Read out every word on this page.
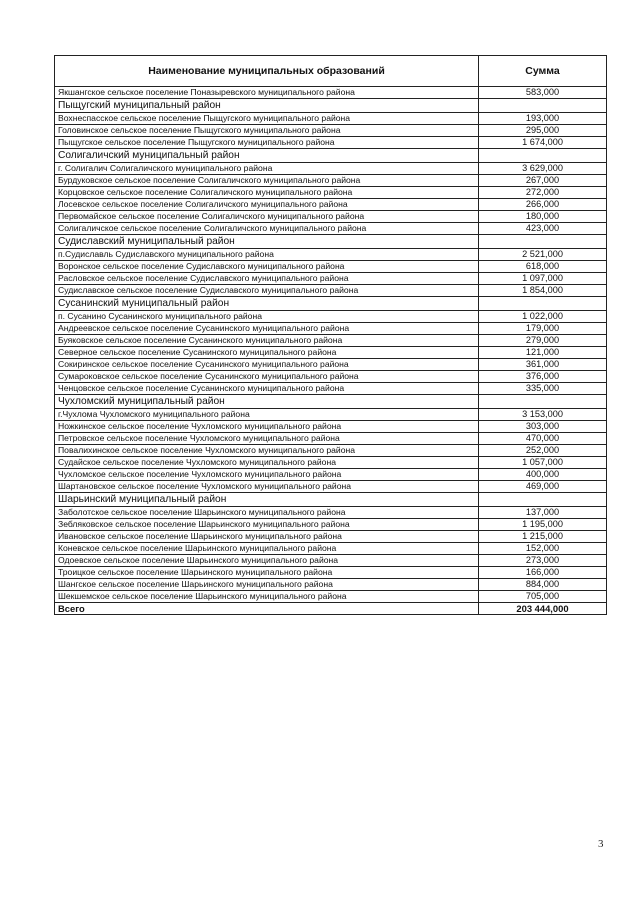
Наименование муниципальных образований	Сумма
Якшангское сельское поселение Поназыревского муниципального района	583,000
Пыщугский муниципальный район	
Вохнеспасское сельское поселение Пыщугского муниципального района	193,000
Головинское сельское поселение Пыщугского муниципального района	295,000
Пыщугское сельское поселение Пыщугского муниципального района	1 674,000
Солигаличский муниципальный район	
г. Солигалич Солигаличского муниципального района	3 629,000
Бурдуковское сельское поселение Солигаличского муниципального района	267,000
Корцовское сельское поселение Солигаличского муниципального района	272,000
Лосевское сельское поселение Солигаличского муниципального района	266,000
Первомайское сельское поселение Солигаличского муниципального района	180,000
Солигаличское сельское поселение Солигаличского муниципального района	423,000
Судиславский муниципальный район	
п.Судиславль Судиславского муниципального района	2 521,000
Воронское сельское поселение Судиславского муниципального района	618,000
Расловское сельское поселение Судиславского муниципального района	1 097,000
Судиславское сельское поселение Судиславского муниципального района	1 854,000
Сусанинский муниципальный район	
п. Сусанино Сусанинского муниципального района	1 022,000
Андреевское сельское поселение Сусанинского муниципального района	179,000
Буяковское сельское поселение Сусанинского муниципального района	279,000
Северное сельское поселение Сусанинского муниципального района	121,000
Сокиринское сельское поселение Сусанинского муниципального района	361,000
Сумароковское сельское поселение Сусанинского муниципального района	376,000
Ченцовское сельское поселение Сусанинского муниципального района	335,000
Чухломский муниципальный район	
г.Чухлома Чухломского муниципального района	3 153,000
Ножкинское сельское поселение Чухломского муниципального района	303,000
Петровское сельское поселение Чухломского муниципального района	470,000
Повалихинское сельское поселение Чухломского муниципального района	252,000
Судайское сельское поселение Чухломского муниципального района	1 057,000
Чухломское сельское поселение Чухломского муниципального района	400,000
Шартановское сельское поселение Чухломского муниципального района	469,000
Шарьинский муниципальный район	
Заболотское сельское поселение Шарьинского муниципального района	137,000
Зебляковское сельское поселение Шарьинского муниципального района	1 195,000
Ивановское сельское поселение Шарьинского муниципального района	1 215,000
Коневское сельское поселение Шарьинского муниципального района	152,000
Одоевское сельское поселение Шарьинского муниципального района	273,000
Троицкое сельское поселение Шарьинского муниципального района	166,000
Шангское сельское поселение Шарьинского муниципального района	884,000
Шекшемское сельское поселение Шарьинского муниципального района	705,000
Всего	203 444,000
3
